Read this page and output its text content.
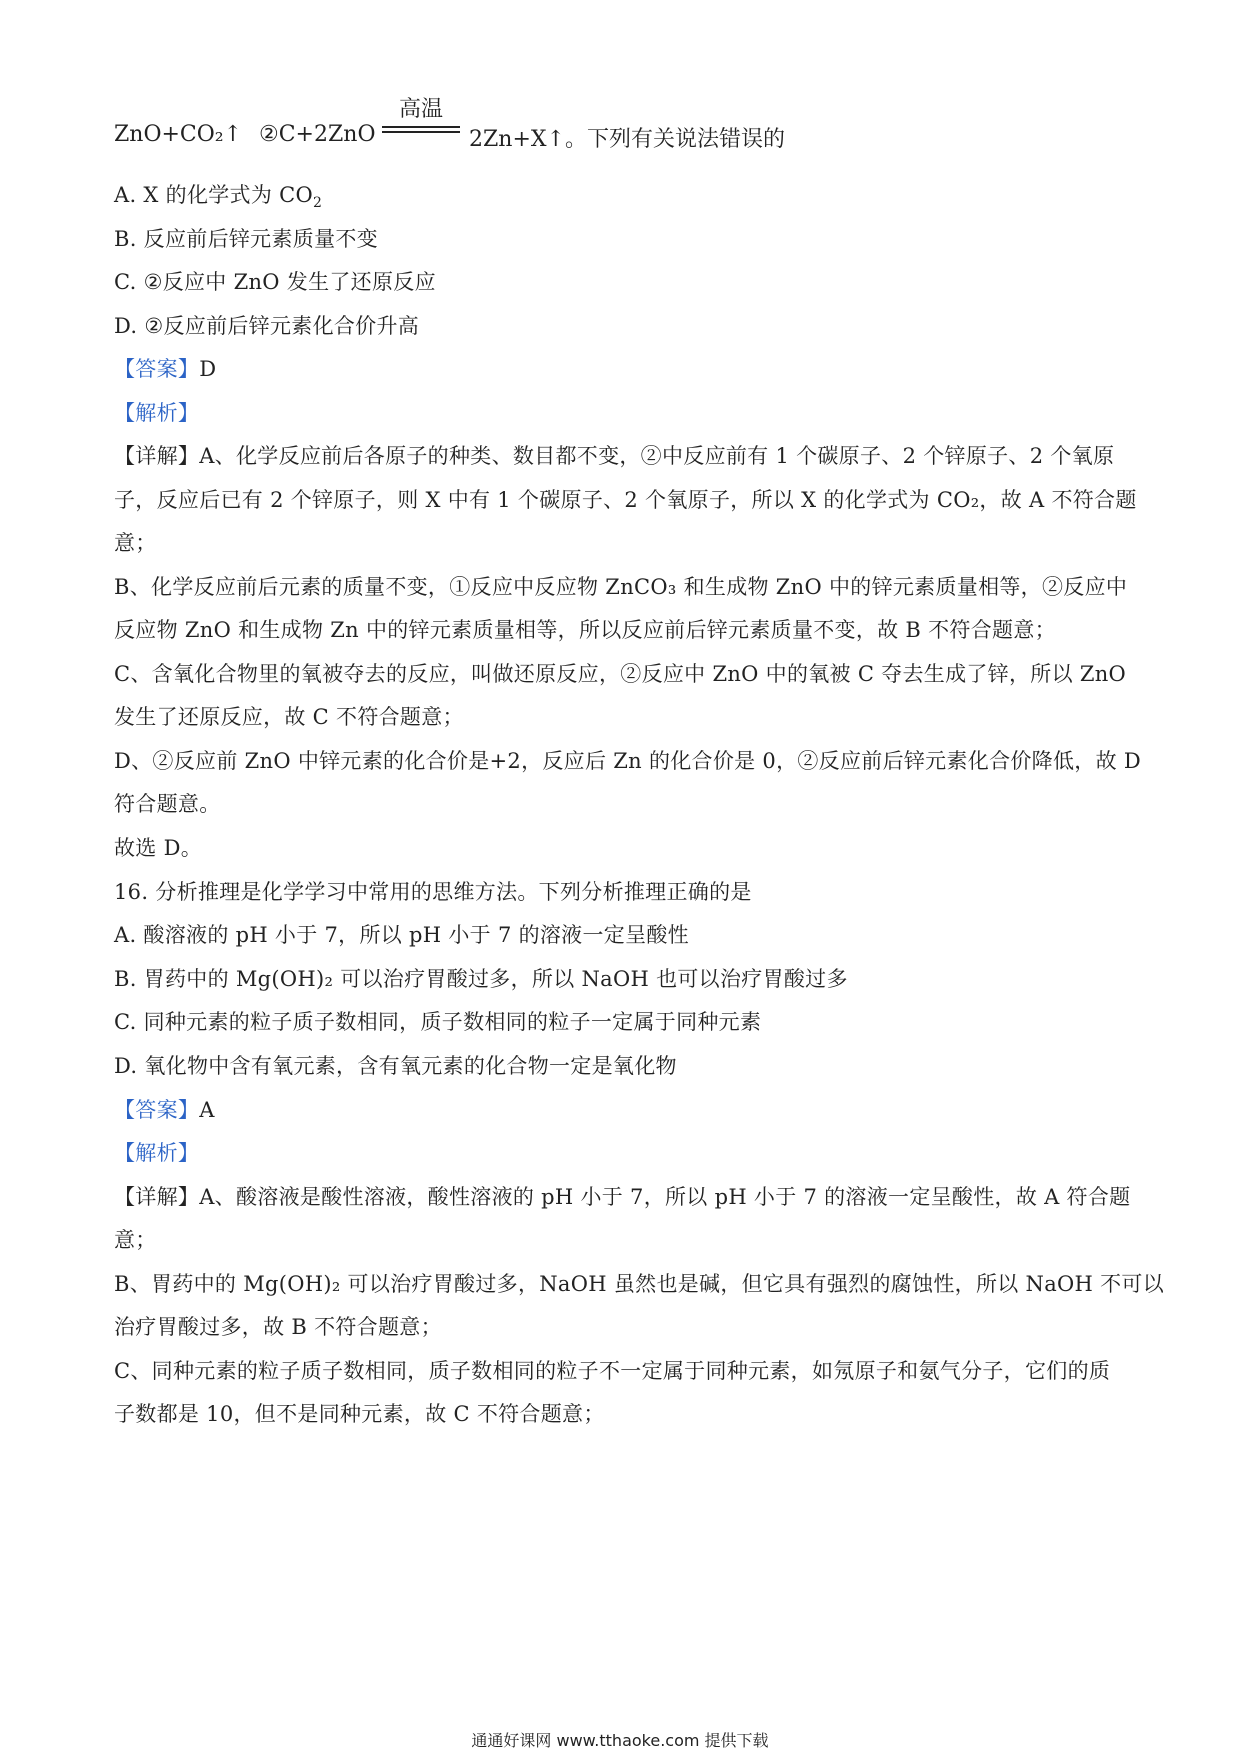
ZnO+CO₂↑ ②C+2ZnO
高温
2Zn+X↑。下列有关说法错误的
A. X 的化学式为 $CO_2$
B. 反应前后锌元素质量不变
C. ②反应中 ZnO 发生了还原反应
D. ②反应前后锌元素化合价升高
【答案】D
【解析】
【详解】A、化学反应前后各原子的种类、数目都不变，②中反应前有 1 个碳原子、2 个锌原子、2 个氧原
子，反应后已有 2 个锌原子，则 X 中有 1 个碳原子、2 个氧原子，所以 X 的化学式为 CO₂，故 A 不符合题
意；
B、化学反应前后元素的质量不变，①反应中反应物 ZnCO₃ 和生成物 ZnO 中的锌元素质量相等，②反应中
反应物 ZnO 和生成物 Zn 中的锌元素质量相等，所以反应前后锌元素质量不变，故 B 不符合题意；
C、含氧化合物里的氧被夺去的反应，叫做还原反应，②反应中 ZnO 中的氧被 C 夺去生成了锌，所以 ZnO
发生了还原反应，故 C 不符合题意；
D、②反应前 ZnO 中锌元素的化合价是+2，反应后 Zn 的化合价是 0，②反应前后锌元素化合价降低，故 D
符合题意。
故选 D。
16. 分析推理是化学学习中常用的思维方法。下列分析推理正确的是
A. 酸溶液的 pH 小于 7，所以 pH 小于 7 的溶液一定呈酸性
B. 胃药中的 Mg(OH)₂ 可以治疗胃酸过多，所以 NaOH 也可以治疗胃酸过多
C. 同种元素的粒子质子数相同，质子数相同的粒子一定属于同种元素
D. 氧化物中含有氧元素，含有氧元素的化合物一定是氧化物
【答案】A
【解析】
【详解】A、酸溶液是酸性溶液，酸性溶液的 pH 小于 7，所以 pH 小于 7 的溶液一定呈酸性，故 A 符合题
意；
B、胃药中的 Mg(OH)₂ 可以治疗胃酸过多，NaOH 虽然也是碱，但它具有强烈的腐蚀性，所以 NaOH 不可以
治疗胃酸过多，故 B 不符合题意；
C、同种元素的粒子质子数相同，质子数相同的粒子不一定属于同种元素，如氖原子和氨气分子，它们的质
子数都是 10，但不是同种元素，故 C 不符合题意；
通通好课网 www.tthaoke.com 提供下载
